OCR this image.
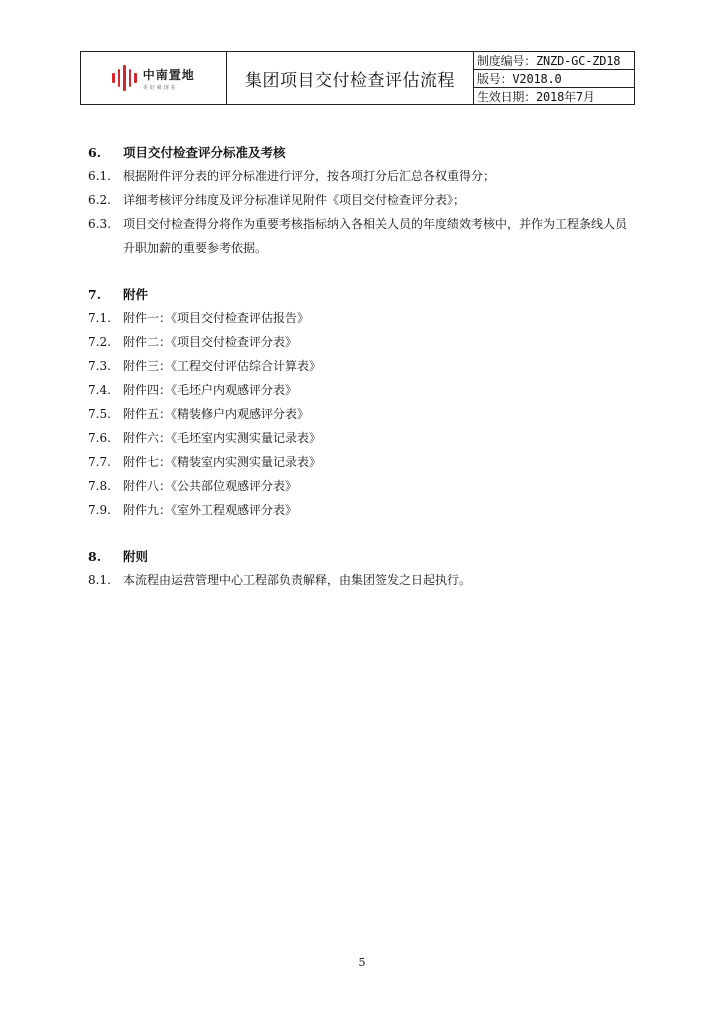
中南置地
美好就现在	集团项目交付检查评估流程
制度编号：ZNZD-GC-ZD18
版号：V2018.0
生效日期：2018年7月
6.	项目交付检查评分标准及考核
6.1.	根据附件评分表的评分标准进行评分，按各项打分后汇总各权重得分；
6.2.	详细考核评分纬度及评分标准详见附件《项目交付检查评分表》；
6.3.	项目交付检查得分将作为重要考核指标纳入各相关人员的年度绩效考核中，并作为工程条线人员升职加薪的重要参考依据。
7.	附件
7.1.	附件一：《项目交付检查评估报告》
7.2.	附件二：《项目交付检查评分表》
7.3.	附件三：《工程交付评估综合计算表》
7.4.	附件四：《毛坯户内观感评分表》
7.5.	附件五：《精装修户内观感评分表》
7.6.	附件六：《毛坯室内实测实量记录表》
7.7.	附件七：《精装室内实测实量记录表》
7.8.	附件八：《公共部位观感评分表》
7.9.	附件九：《室外工程观感评分表》
8.	附则
8.1.	本流程由运营管理中心工程部负责解释，由集团签发之日起执行。
5
